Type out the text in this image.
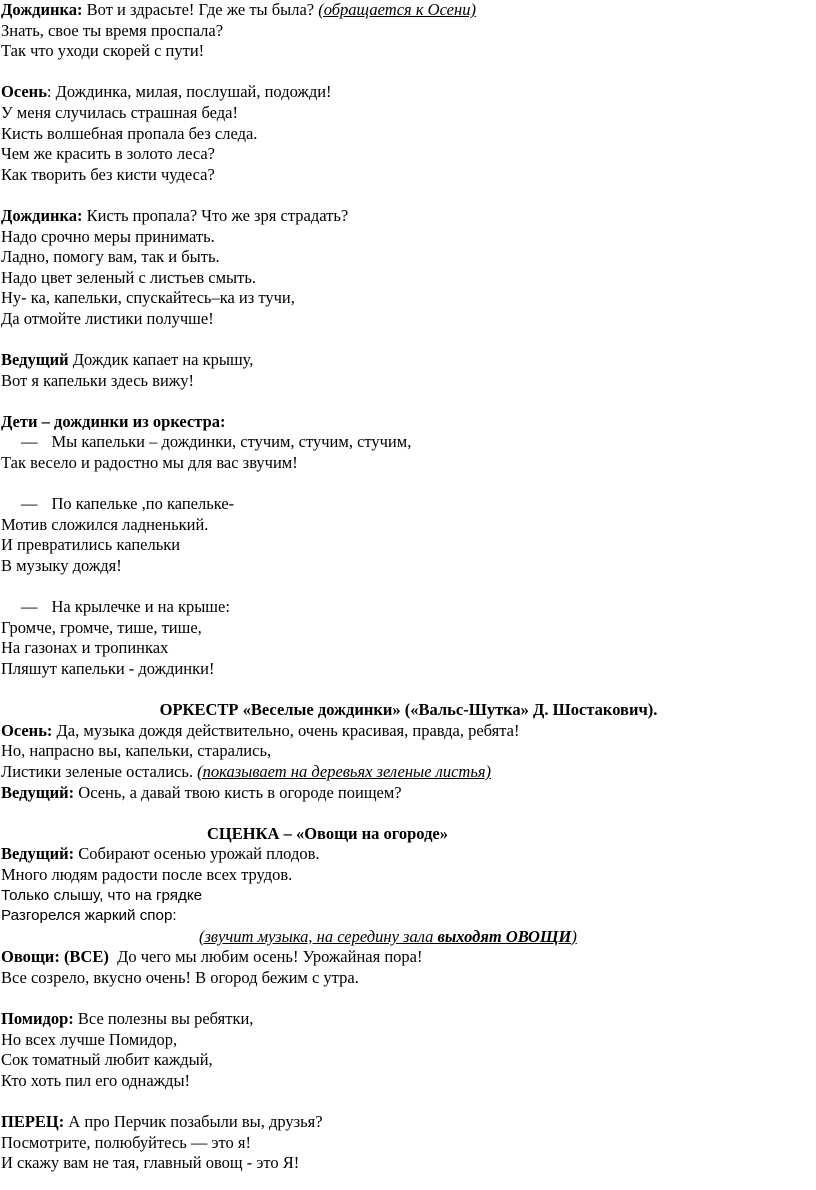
Дождинка: Вот и здрасьте! Где же ты была? (обращается к Осени)

Знать, свое ты время проспала?

Так что уходи скорей с пути!

Осень: Дождинка, милая, послушай, подожди!

У меня случилась страшная беда!

Кисть волшебная пропала без следа.

Чем же красить в золото леса?

Как творить без кисти чудеса?

Дождинка: Кисть пропала? Что же зря страдать?

Надо срочно меры принимать.

Ладно, помогу вам, так и быть.

Надо цвет зеленый с листьев смыть.

Ну- ка, капельки, спускайтесь–ка из тучи,

Да отмойте листики получше!

Ведущий Дождик капает на крышу,

Вот я капельки здесь вижу!

Дети – дождинки из оркестра:

— Мы капельки – дождинки, стучим, стучим, стучим,

Так весело и радостно мы для вас звучим!

— По капельке ,по капельке-

Мотив сложился ладненький.

И превратились капельки

В музыку дождя!

— На крылечке и на крыше:

Громче, громче, тише, тише,

На газонах и тропинках

Пляшут капельки - дождинки!

ОРКЕСТР «Веселые дождинки» («Вальс-Шутка» Д. Шостакович).

Осень: Да, музыка дождя действительно, очень красивая, правда, ребята!

Но, напрасно вы, капельки, старались,

Листики зеленые остались. (показывает на деревьях зеленые листья)

Ведущий: Осень, а давай твою кисть в огороде поищем?

СЦЕНКА – «Овощи на огороде»

Ведущий: Собирают осенью урожай плодов.

Много людям радости после всех трудов.

Только слышу, что на грядке

Разгорелся жаркий спор:

(звучит музыка, на середину зала выходят ОВОЩИ)

Овощи: (ВСЕ)  До чего мы любим осень! Урожайная пора!

Все созрело, вкусно очень! В огород бежим с утра.

Помидор: Все полезны вы ребятки,

Но всех лучше Помидор,

Сок томатный любит каждый,

Кто хоть пил его однажды!

ПЕРЕЦ: А про Перчик позабыли вы, друзья?

Посмотрите, полюбуйтесь — это я!

И скажу вам не тая, главный овощ - это Я!
